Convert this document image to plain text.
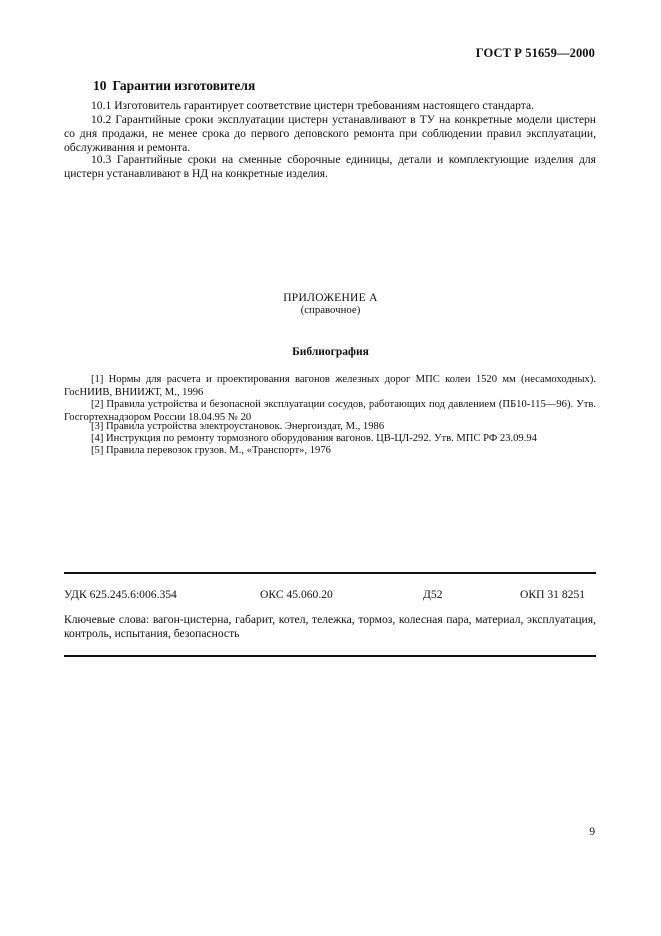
ГОСТ Р 51659—2000
10 Гарантии изготовителя

10.1 Изготовитель гарантирует соответствие цистерн требованиям настоящего стандарта.

10.2 Гарантийные сроки эксплуатации цистерн устанавливают в ТУ на конкретные модели цистерн со дня продажи, не менее срока до первого деповского ремонта при соблюдении правил эксплуатации, обслуживания и ремонта.

10.3 Гарантийные сроки на сменные сборочные единицы, детали и комплектующие изделия для цистерн устанавливают в НД на конкретные изделия.

ПРИЛОЖЕНИЕ А
(справочное)
Библиография

[1] Нормы для расчета и проектирования вагонов железных дорог МПС колеи 1520 мм (несамоходных). ГосНИИВ, ВНИИЖТ, М., 1996

[2] Правила устройства и безопасной эксплуатации сосудов, работающих под давлением (ПБ10-115—96). Утв. Госгортехнадзором России 18.04.95 № 20

[3] Правила устройства электроустановок. Энергоиздат, М., 1986

[4] Инструкция по ремонту тормозного оборудования вагонов. ЦВ-ЦЛ-292. Утв. МПС РФ 23.09.94

[5] Правила перевозок грузов. М., «Транспорт», 1976

УДК 625.245.6:006.354	ОКС 45.060.20	Д52	ОКП 31 8251

Ключевые слова: вагон-цистерна, габарит, котел, тележка, тормоз, колесная пара, материал, эксплуатация, контроль, испытания, безопасность

9
